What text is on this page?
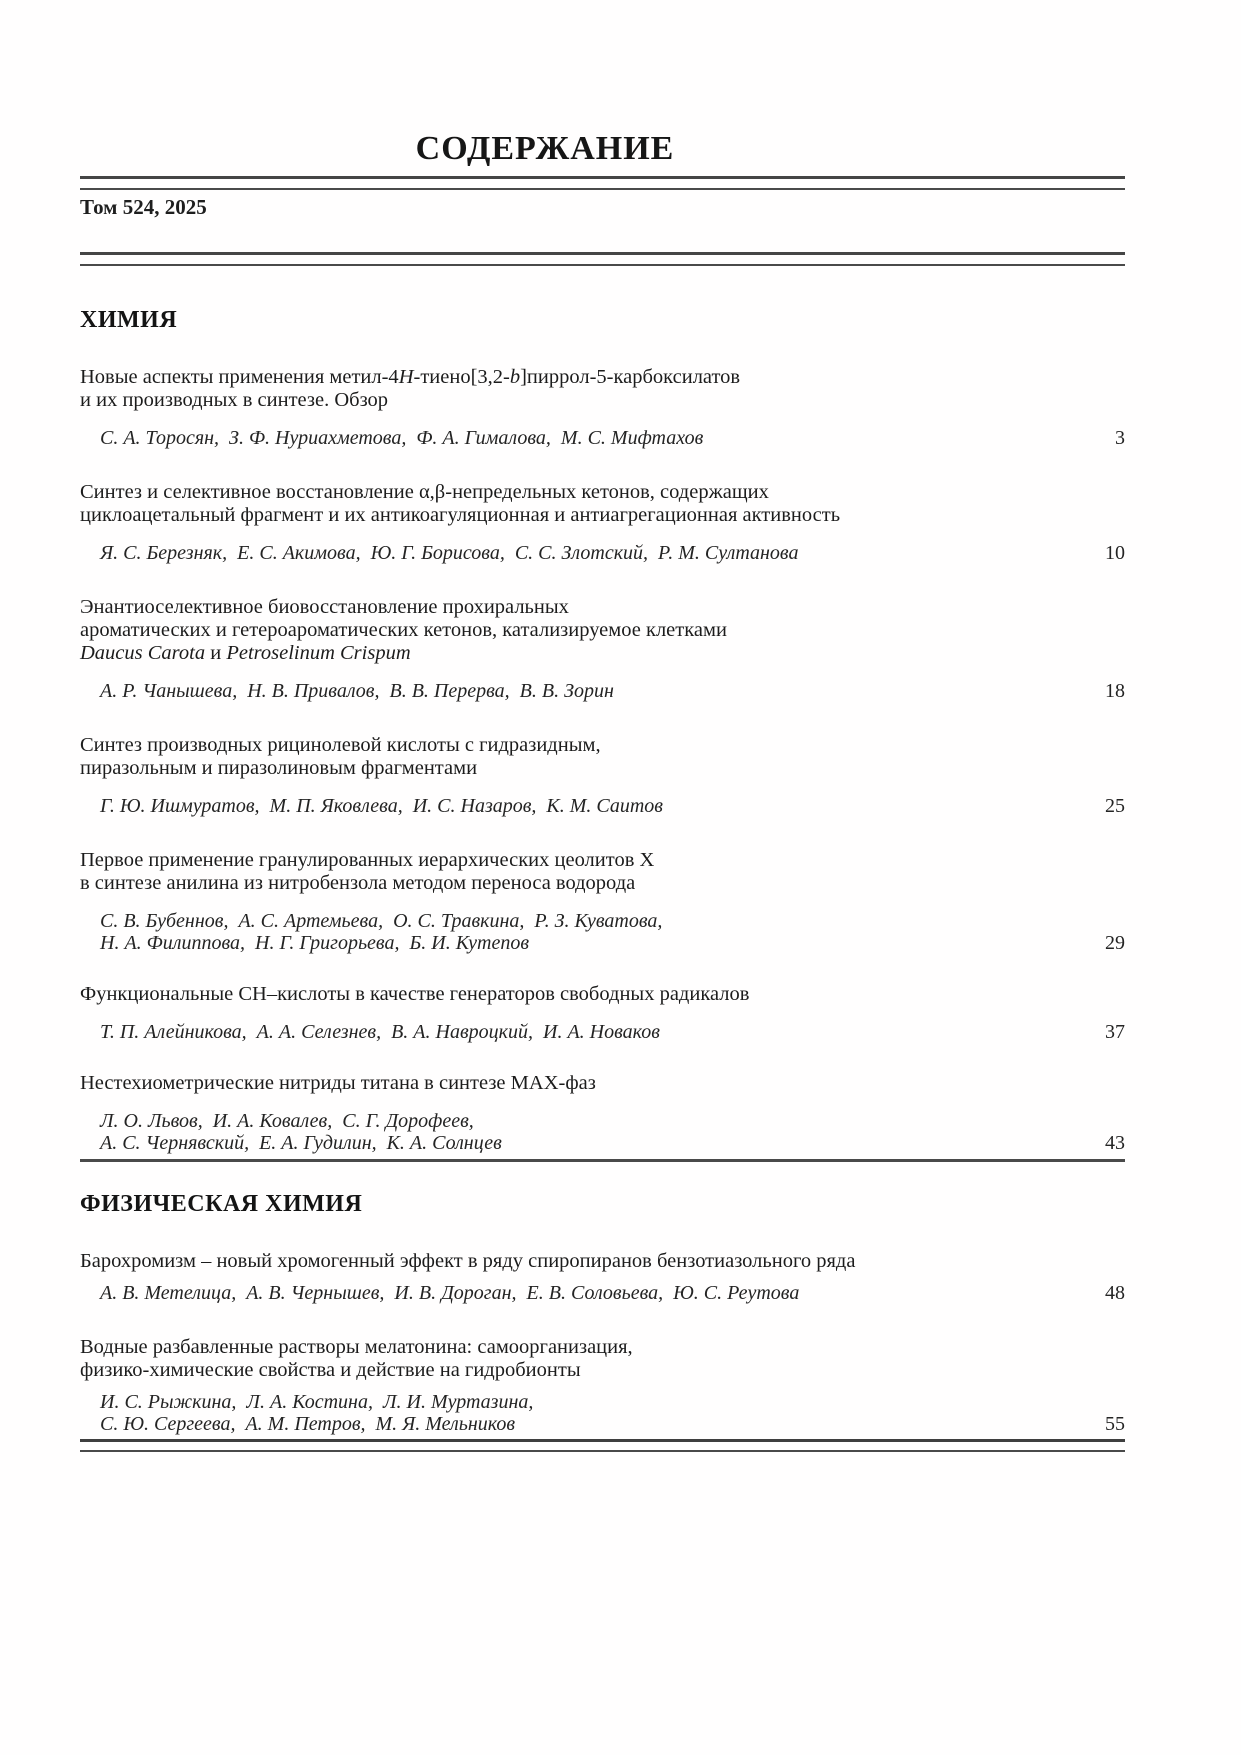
СОДЕРЖАНИЕ
Том 524, 2025
ХИМИЯ
Новые аспекты применения метил-4H-тиено[3,2-b]пиррол-5-карбоксилатов
и их производных в синтезе. Обзор
С. А. Торосян, З. Ф. Нуриахметова, Ф. А. Гималова, М. С. Мифтахов	3
Синтез и селективное восстановление α,β-непредельных кетонов, содержащих
циклоацетальный фрагмент и их антикоагуляционная и антиагрегационная активность
Я. С. Березняк, Е. С. Акимова, Ю. Г. Борисова, С. С. Злотский, Р. М. Султанова	10
Энантиоселективное биовосстановление прохиральных
ароматических и гетероароматических кетонов, катализируемое клетками
Daucus Carota и Petroselinum Crispum
А. Р. Чанышева, Н. В. Привалов, В. В. Перерва, В. В. Зорин	18
Синтез производных рицинолевой кислоты с гидразидным,
пиразольным и пиразолиновым фрагментами
Г. Ю. Ишмуратов, М. П. Яковлева, И. С. Назаров, К. М. Саитов	25
Первое применение гранулированных иерархических цеолитов X
в синтезе анилина из нитробензола методом переноса водорода
С. В. Бубеннов, А. С. Артемьева, О. С. Травкина, Р. З. Куватова,
Н. А. Филиппова, Н. Г. Григорьева, Б. И. Кутепов	29
Функциональные СН–кислоты в качестве генераторов свободных радикалов
Т. П. Алейникова, А. А. Селезнев, В. А. Навроцкий, И. А. Новаков	37
Нестехиометрические нитриды титана в синтезе МАХ-фаз
Л. О. Львов, И. А. Ковалев, С. Г. Дорофеев,
А. С. Чернявский, Е. А. Гудилин, К. А. Солнцев	43
ФИЗИЧЕСКАЯ ХИМИЯ
Барохромизм – новый хромогенный эффект в ряду спиропиранов бензотиазольного ряда
А. В. Метелица, А. В. Чернышев, И. В. Дороган, Е. В. Соловьева, Ю. С. Реутова	48
Водные разбавленные растворы мелатонина: самоорганизация,
физико-химические свойства и действие на гидробионты
И. С. Рыжкина, Л. А. Костина, Л. И. Муртазина,
С. Ю. Сергеева, А. М. Петров, М. Я. Мельников	55
